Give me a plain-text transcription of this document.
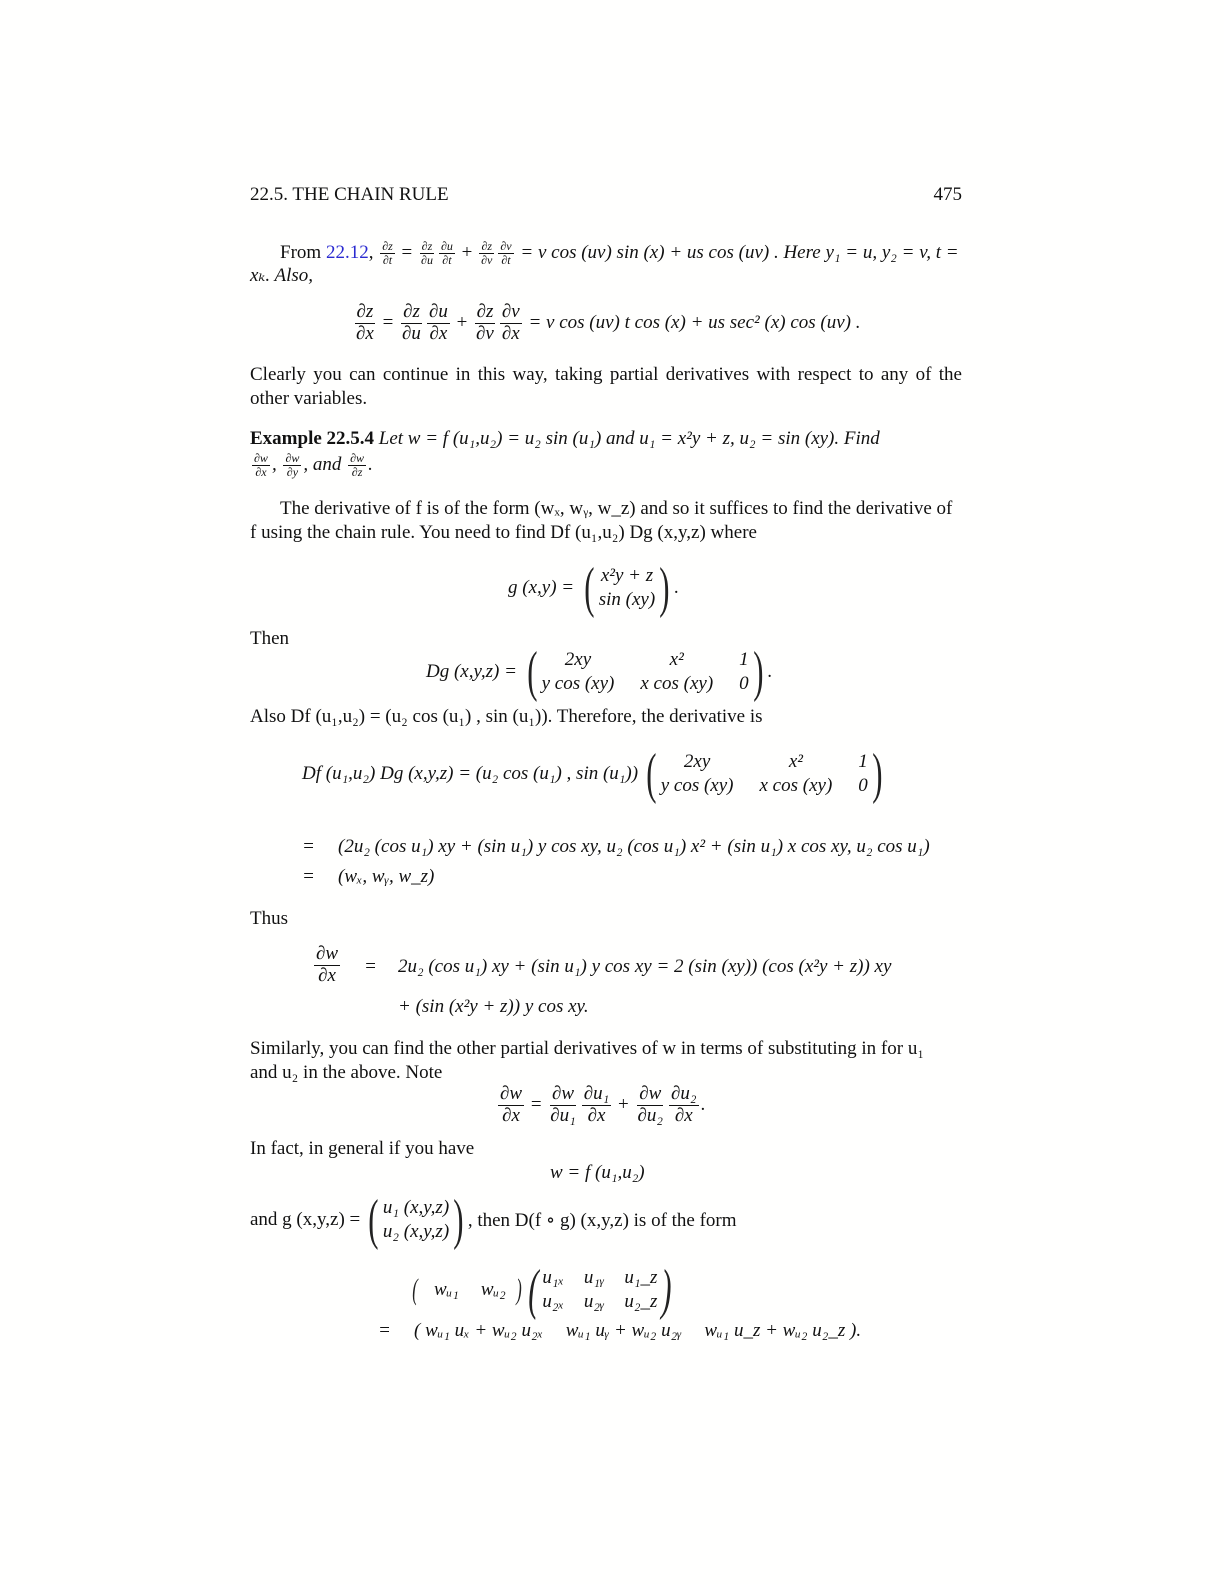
22.5. THE CHAIN RULE	475
From 22.12, $\frac{\partial z}{\partial t} = \frac{\partial z}{\partial u} \frac{\partial u}{\partial t} + \frac{\partial z}{\partial v} \frac{\partial v}{\partial t} = v$ cos (uv) sin (x) + us cos (uv) . Here y₁ = u, y₂ = v, t =
xₖ. Also,
$\frac{\partial z}{\partial x} = \frac{\partial z}{\partial u} \frac{\partial u}{\partial x} + \frac{\partial z}{\partial v} \frac{\partial v}{\partial x} = v$ cos (uv) t cos (x) + us sec² (x) cos (uv) .
Clearly you can continue in this way, taking partial derivatives with respect to any of the other variables.
Example 22.5.4 Let w = f (u₁,u₂) = u₂ sin (u₁) and u₁ = x²y + z, u₂ = sin (xy). Find
$\frac{\partial w}{\partial x}$ , $\frac{\partial w}{\partial y}$ , and $\frac{\partial w}{\partial z}$ .
The derivative of f is of the form (wₓ, wᵧ, w_z) and so it suffices to find the derivative of
f using the chain rule. You need to find Df (u₁,u₂) Dg (x,y,z) where
g (x,y) = ( x²y + z
sin (xy) ) .
Then
Dg (x,y,z) = (	2xy	x²	1
y cos (xy) x cos (xy) 0 ) .
Also Df (u₁,u₂) = (u₂ cos (u₁) , sin (u₁)). Therefore, the derivative is
Df (u₁,u₂) Dg (x,y,z) = (u₂ cos (u₁) , sin (u₁)) (	2xy	x²	1
y cos (xy) x cos (xy) 0 )
= (2u₂ (cos u₁) xy + (sin u₁) y cos xy, u₂ (cos u₁) x² + (sin u₁) x cos xy, u₂ cos u₁)
= (wₓ, wᵧ, w_z)
Thus
$\frac{\partial w}{\partial x} = 2u_2$ (cos u₁) xy + (sin u₁) y cos xy = 2 (sin (xy)) (cos (x²y + z)) xy
+ (sin (x²y + z)) y cos xy.
Similarly, you can find the other partial derivatives of w in terms of substituting in for u₁
and u₂ in the above. Note
$\frac{\partial w}{\partial x} = \frac{\partial w}{\text{∂u₁}} \frac{\text{∂u₁}}{\partial x} + \frac{\partial w}{\text{∂u₂}} \frac{\text{∂u₂}}{\partial x}$ .
In fact, in general if you have
w = f (u₁,u₂)
and g (x,y,z) = ( u₁ (x,y,z)
u₂ (x,y,z) ) , then D(f ∘ g) (x,y,z) is of the form
( wᵤ₁ wᵤ₂ ) ( u₁ₓ u₁ᵧ u₁_z
u₂ₓ u₂ᵧ u₂_z )
= ( wᵤ₁ uₓ + wᵤ₂ u₂ₓ wᵤ₁ uᵧ + wᵤ₂ u₂ᵧ wᵤ₁ u_z + wᵤ₂ u₂_z ).
